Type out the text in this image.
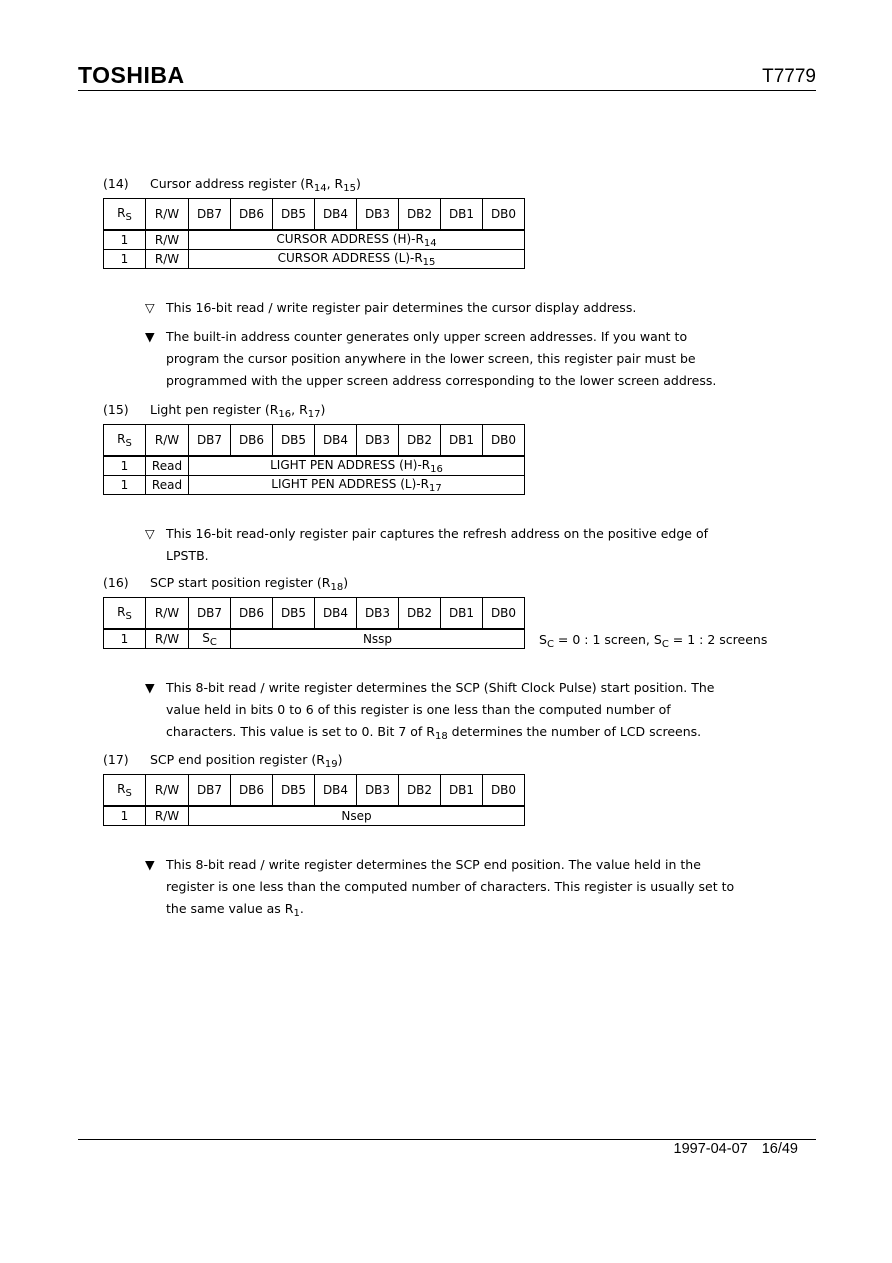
TOSHIBA	T7779
(14) Cursor address register ($R_{14}$, $R_{15}$)
$R_S$	R/W	DB7	DB6	DB5	DB4	DB3	DB2	DB1	DB0
1	R/W	CURSOR ADDRESS $(H)-R_{14}$
1	R/W	CURSOR ADDRESS $(L)-R_{15}$
▽ This 16-bit read / write register pair determines the cursor display address.
▼ The built-in address counter generates only upper screen addresses. If you want to
program the cursor position anywhere in the lower screen, this register pair must be
programmed with the upper screen address corresponding to the lower screen address.
(15) Light pen register ($R_{16}$, $R_{17}$)
$R_S$	R/W	DB7	DB6	DB5	DB4	DB3	DB2	DB1	DB0
1	Read	LIGHT PEN ADDRESS $(H)-R_{16}$
1	Read	LIGHT PEN ADDRESS $(L)-R_{17}$
▽ This 16-bit read-only register pair captures the refresh address on the positive edge of
LPSTB.
(16) SCP start position register $(R_{18})$
$R_S$	R/W	DB7	DB6	DB5	DB4	DB3	DB2	DB1	DB0
1	R/W	$S_C$	Nssp							$S_C = 0$ : 1 screen, $S_C = 1$ : 2 screens
▼ This 8-bit read / write register determines the SCP (Shift Clock Pulse) start position. The
value held in bits 0 to 6 of this register is one less than the computed number of
characters. This value is set to 0. Bit 7 of $R_{18}$ determines the number of LCD screens.
(17) SCP end position register $(R_{19})$
$R_S$	R/W	DB7	DB6	DB5	DB4	DB3	DB2	DB1	DB0
1	R/W	Nsep							
▼ This 8-bit read / write register determines the SCP end position. The value held in the
register is one less than the computed number of characters. This register is usually set to
the same value as $R_1$.
1997-04-07 16/49
